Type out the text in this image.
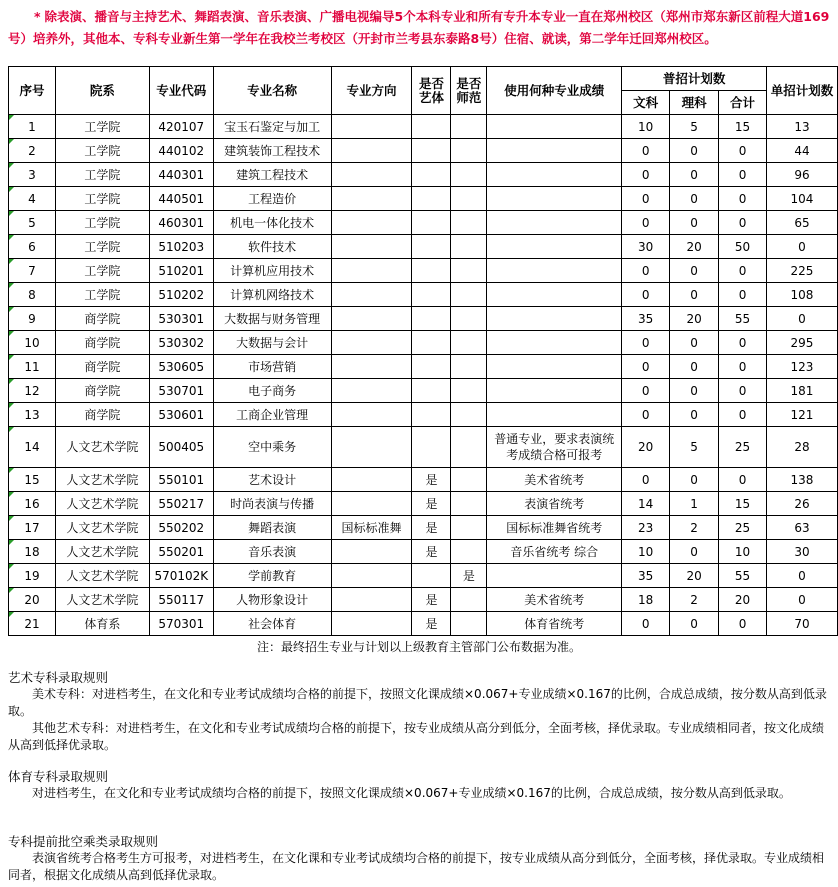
* 除表演、播音与主持艺术、舞蹈表演、音乐表演、广播电视编导5个本科专业和所有专升本专业一直在郑州校区（郑州市郑东新区前程大道169号）培养外，其他本、专科专业新生第一学年在我校兰考校区（开封市兰考县东泰路8号）住宿、就读，第二学年迁回郑州校区。
序号	院系	专业代码	专业名称	专业方向	是否艺体	是否师范	使用何种专业成绩	普招计划数			单招计划数
								文科	理科	合计	
1	工学院	420107	宝玉石鉴定与加工					10	5	15	13
2	工学院	440102	建筑装饰工程技术					0	0	0	44
3	工学院	440301	建筑工程技术					0	0	0	96
4	工学院	440501	工程造价					0	0	0	104
5	工学院	460301	机电一体化技术					0	0	0	65
6	工学院	510203	软件技术					30	20	50	0
7	工学院	510201	计算机应用技术					0	0	0	225
8	工学院	510202	计算机网络技术					0	0	0	108
9	商学院	530301	大数据与财务管理					35	20	55	0
10	商学院	530302	大数据与会计					0	0	0	295
11	商学院	530605	市场营销					0	0	0	123
12	商学院	530701	电子商务					0	0	0	181
13	商学院	530601	工商企业管理					0	0	0	121
14	人文艺术学院	500405	空中乘务				普通专业，要求表演统考成绩合格可报考	20	5	25	28
15	人文艺术学院	550101	艺术设计		是		美术省统考	0	0	0	138
16	人文艺术学院	550217	时尚表演与传播		是		表演省统考	14	1	15	26
17	人文艺术学院	550202	舞蹈表演	国标标准舞	是		国标标准舞省统考	23	2	25	63
18	人文艺术学院	550201	音乐表演		是		音乐省统考 综合	10	0	10	30
19	人文艺术学院	570102K	学前教育			是		35	20	55	0
20	人文艺术学院	550117	人物形象设计		是		美术省统考	18	2	20	0
21	体育系	570301	社会体育		是		体育省统考	0	0	0	70
注：最终招生专业与计划以上级教育主管部门公布数据为准。

艺术专科录取规则

美术专科：对进档考生，在文化和专业考试成绩均合格的前提下，按照文化课成绩×0.067+专业成绩×0.167的比例，合成总成绩，按分数从高到低录取。

其他艺术专科：对进档考生，在文化和专业考试成绩均合格的前提下，按专业成绩从高分到低分，全面考核，择优录取。专业成绩相同者，按文化成绩从高到低择优录取。

体育专科录取规则

对进档考生，在文化和专业考试成绩均合格的前提下，按照文化课成绩×0.067+专业成绩×0.167的比例，合成总成绩，按分数从高到低录取。

专科提前批空乘类录取规则

表演省统考合格考生方可报考，对进档考生，在文化课和专业考试成绩均合格的前提下，按专业成绩从高分到低分，全面考核，择优录取。专业成绩相同者，根据文化成绩从高到低择优录取。
